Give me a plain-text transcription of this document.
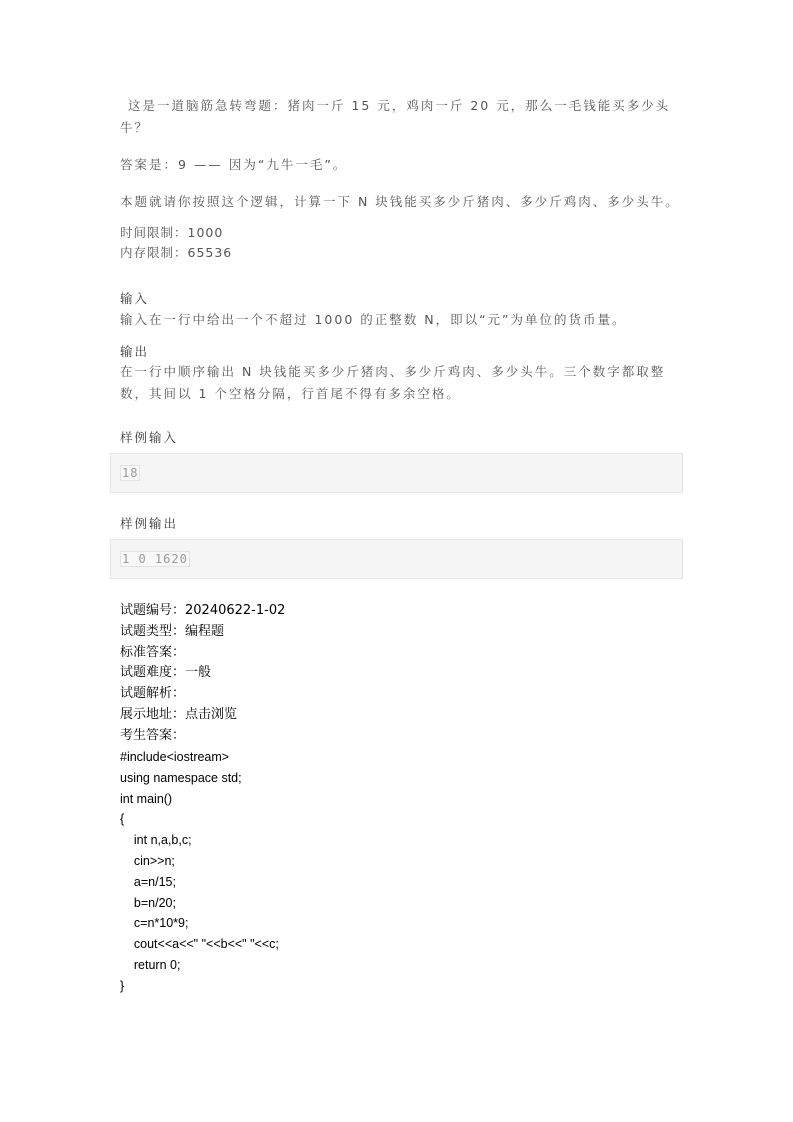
这是一道脑筋急转弯题：猪肉一斤 15 元，鸡肉一斤 20 元，那么一毛钱能买多少头牛？

答案是：9 —— 因为“九牛一毛”。

本题就请你按照这个逻辑，计算一下 N 块钱能买多少斤猪肉、多少斤鸡肉、多少头牛。

时间限制：1000
内存限制：65536
输入

输入在一行中给出一个不超过 1000 的正整数 N，即以“元”为单位的货币量。

输出

在一行中顺序输出 N 块钱能买多少斤猪肉、多少斤鸡肉、多少头牛。三个数字都取整数，其间以 1 个空格分隔，行首尾不得有多余空格。

样例输入
18
样例输出
1 0 1620
试题编号：20240622-1-02
试题类型：编程题
标准答案：
试题难度：一般
试题解析：
展示地址：点击浏览
考生答案：
#include<iostream>
using namespace std;
int main()
{
int n,a,b,c;
cin>>n;
a=n/15;
b=n/20;
c=n*10*9;
cout<<a<<" "<<b<<" "<<c;
return 0;
}
